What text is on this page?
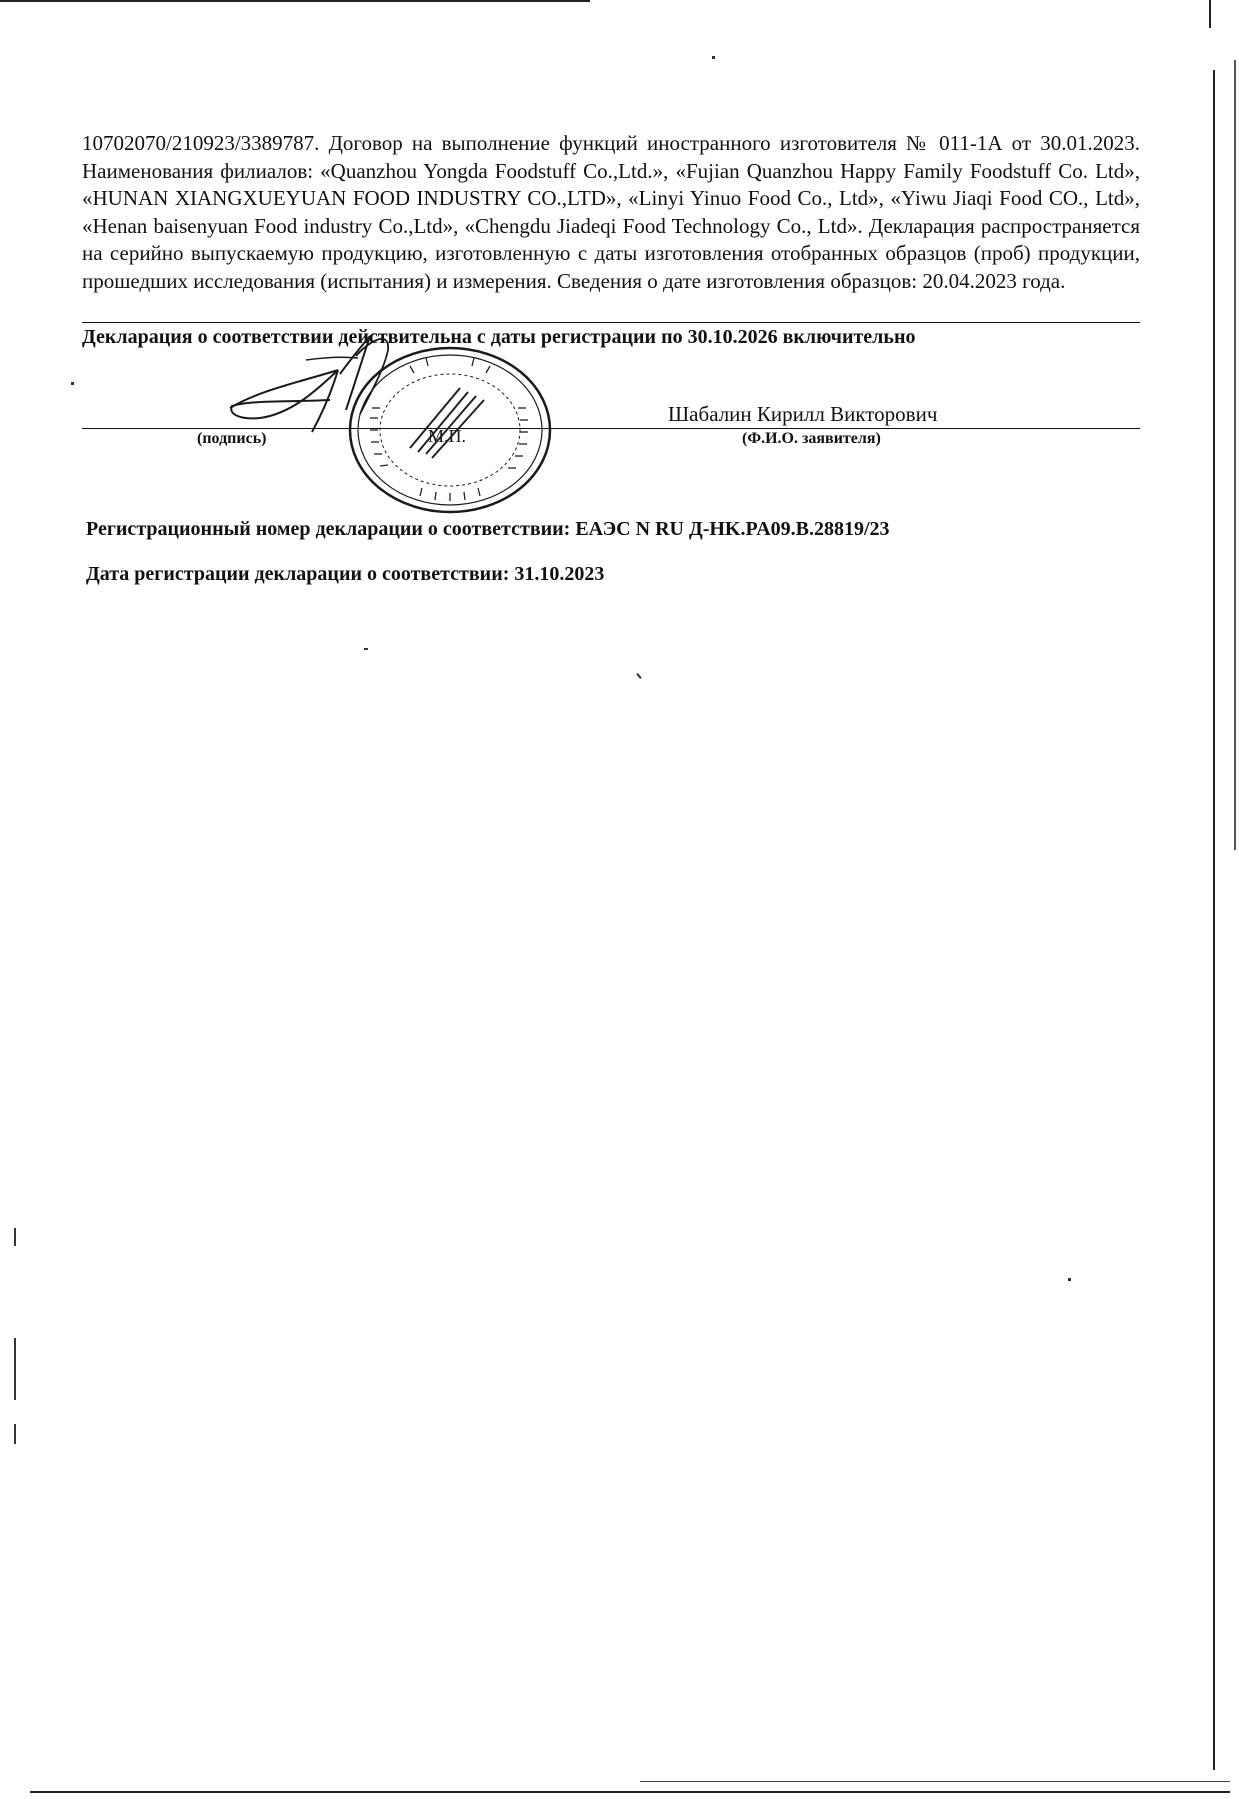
10702070/210923/3389787. Договор на выполнение функций иностранного изготовителя № 011-1А от 30.01.2023. Наименования филиалов: «Quanzhou Yongda Foodstuff Co.,Ltd.», «Fujian Quanzhou Happy Family Foodstuff Co. Ltd», «HUNAN XIANGXUEYUAN FOOD INDUSTRY CO.,LTD», «Linyi Yinuo Food Co., Ltd», «Yiwu Jiaqi Food CO., Ltd», «Henan baisenyuan Food industry Co.,Ltd», «Chengdu Jiadeqi Food Technology Co., Ltd». Декларация распространяется на серийно выпускаемую продукцию, изготовленную с даты изготовления отобранных образцов (проб) продукции, прошедших исследования (испытания) и измерения. Сведения о дате изготовления образцов: 20.04.2023 года.
Декларация о соответствии действительна с даты регистрации по 30.10.2026 включительно
Шабалин Кирилл Викторович
(подпись)	(Ф.И.О. заявителя)
М.П.
Регистрационный номер декларации о соответствии: ЕАЭС N RU Д-HK.PA09.B.28819/23
Дата регистрации декларации о соответствии: 31.10.2023
